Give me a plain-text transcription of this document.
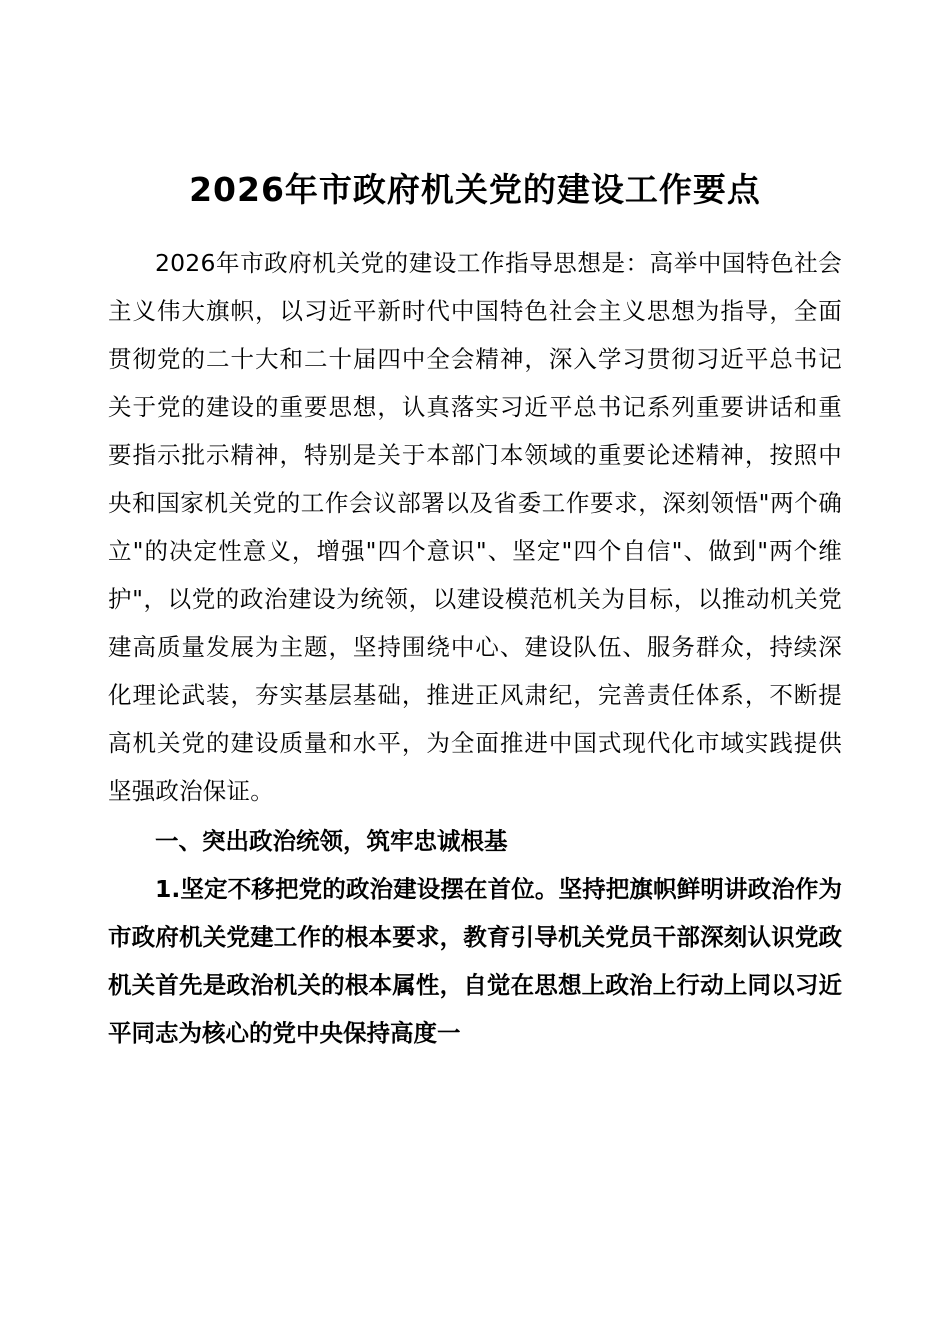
2026年市政府机关党的建设工作要点

2026年市政府机关党的建设工作指导思想是：高举中国特色社会主义伟大旗帜，以习近平新时代中国特色社会主义思想为指导，全面贯彻党的二十大和二十届四中全会精神，深入学习贯彻习近平总书记关于党的建设的重要思想，认真落实习近平总书记系列重要讲话和重要指示批示精神，特别是关于本部门本领域的重要论述精神，按照中央和国家机关党的工作会议部署以及省委工作要求，深刻领悟"两个确立"的决定性意义，增强"四个意识"、坚定"四个自信"、做到"两个维护"，以党的政治建设为统领，以建设模范机关为目标，以推动机关党建高质量发展为主题，坚持围绕中心、建设队伍、服务群众，持续深化理论武装，夯实基层基础，推进正风肃纪，完善责任体系，不断提高机关党的建设质量和水平，为全面推进中国式现代化市域实践提供坚强政治保证。

一、突出政治统领，筑牢忠诚根基

1.坚定不移把党的政治建设摆在首位。坚持把旗帜鲜明讲政治作为市政府机关党建工作的根本要求，教育引导机关党员干部深刻认识党政机关首先是政治机关的根本属性，自觉在思想上政治上行动上同以习近平同志为核心的党中央保持高度一
